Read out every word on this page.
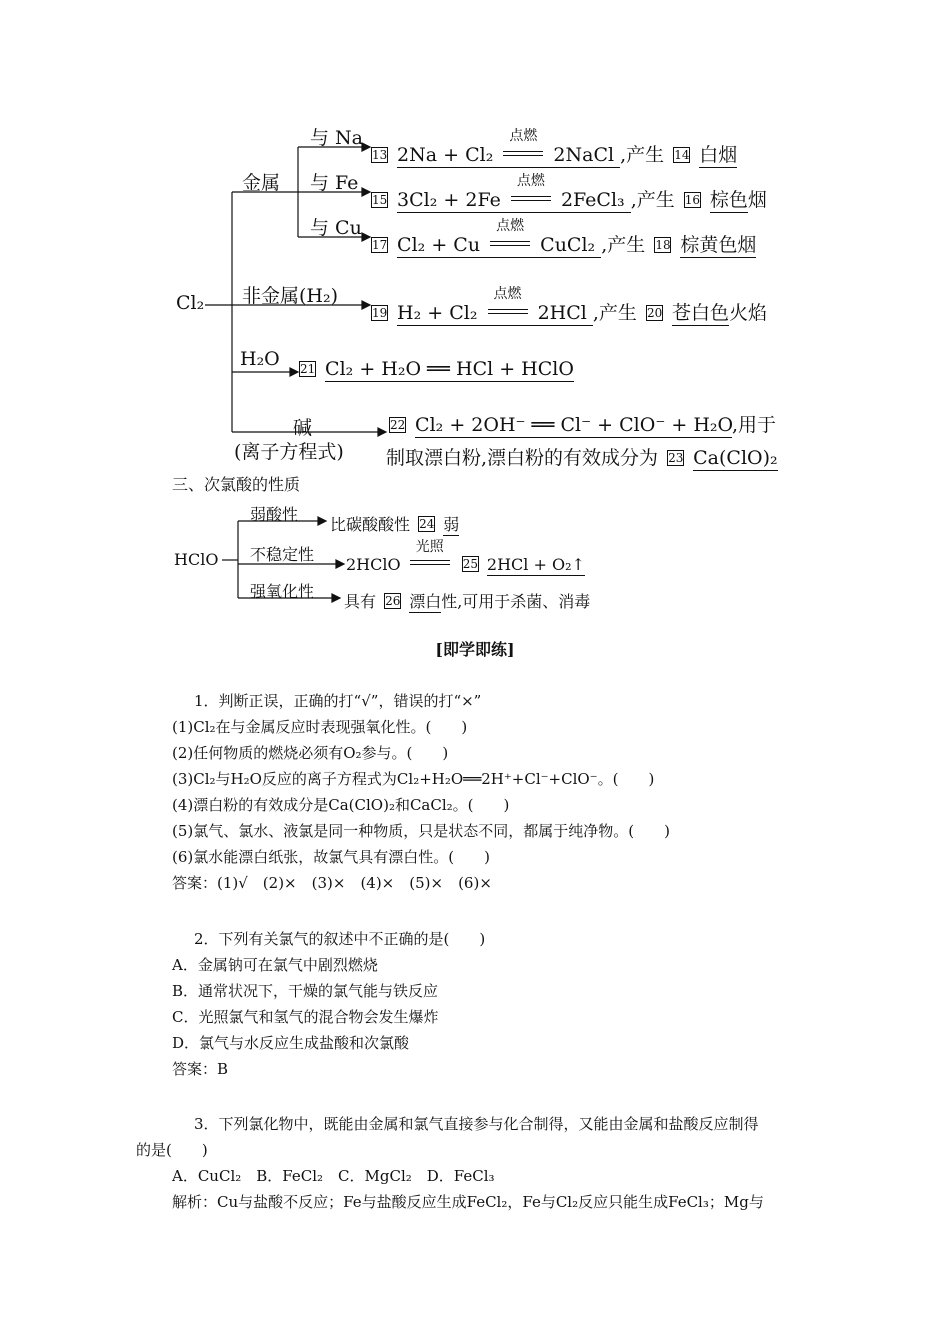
Cl₂
金属
非金属(H₂)
H₂O
碱
(离子方程式)
与 Na
与 Fe
与 Cu
13 2Na + Cl₂
点燃
2NaCl ,产生 14 白烟
15 3Cl₂ + 2Fe
点燃
2FeCl₃ ,产生 16 棕色烟
17 Cl₂ + Cu
点燃
CuCl₂ ,产生 18 棕黄色烟
19 H₂ + Cl₂
点燃
2HCl ,产生 20 苍白色火焰
21 Cl₂ + H₂O ══ HCl + HClO
22 Cl₂ + 2OH⁻ ══ Cl⁻ + ClO⁻ + H₂O,用于
制取漂白粉,漂白粉的有效成分为 23 Ca(ClO)₂
三、次氯酸的性质
HClO
弱酸性
不稳定性
强氧化性
比碳酸酸性 24 弱
2HClO
光照
25 2HCl + O₂↑
具有 26 漂白性,可用于杀菌、消毒
[即学即练]
1．判断正误，正确的打“√”，错误的打“×”
(1)Cl₂在与金属反应时表现强氧化性。(　　)
(2)任何物质的燃烧必须有O₂参与。(　　)
(3)Cl₂与H₂O反应的离子方程式为Cl₂+H₂O══2H⁺+Cl⁻+ClO⁻。(　　)
(4)漂白粉的有效成分是Ca(ClO)₂和CaCl₂。(　　)
(5)氯气、氯水、液氯是同一种物质，只是状态不同，都属于纯净物。(　　)
(6)氯水能漂白纸张，故氯气具有漂白性。(　　)
答案：(1)√　(2)×　(3)×　(4)×　(5)×　(6)×
2．下列有关氯气的叙述中不正确的是(　　)
A．金属钠可在氯气中剧烈燃烧
B．通常状况下，干燥的氯气能与铁反应
C．光照氯气和氢气的混合物会发生爆炸
D．氯气与水反应生成盐酸和次氯酸
答案：B
3．下列氯化物中，既能由金属和氯气直接参与化合制得，又能由金属和盐酸反应制得
的是(　　)
A．CuCl₂　B．FeCl₂　C．MgCl₂　D．FeCl₃
解析：Cu与盐酸不反应；Fe与盐酸反应生成FeCl₂，Fe与Cl₂反应只能生成FeCl₃；Mg与
